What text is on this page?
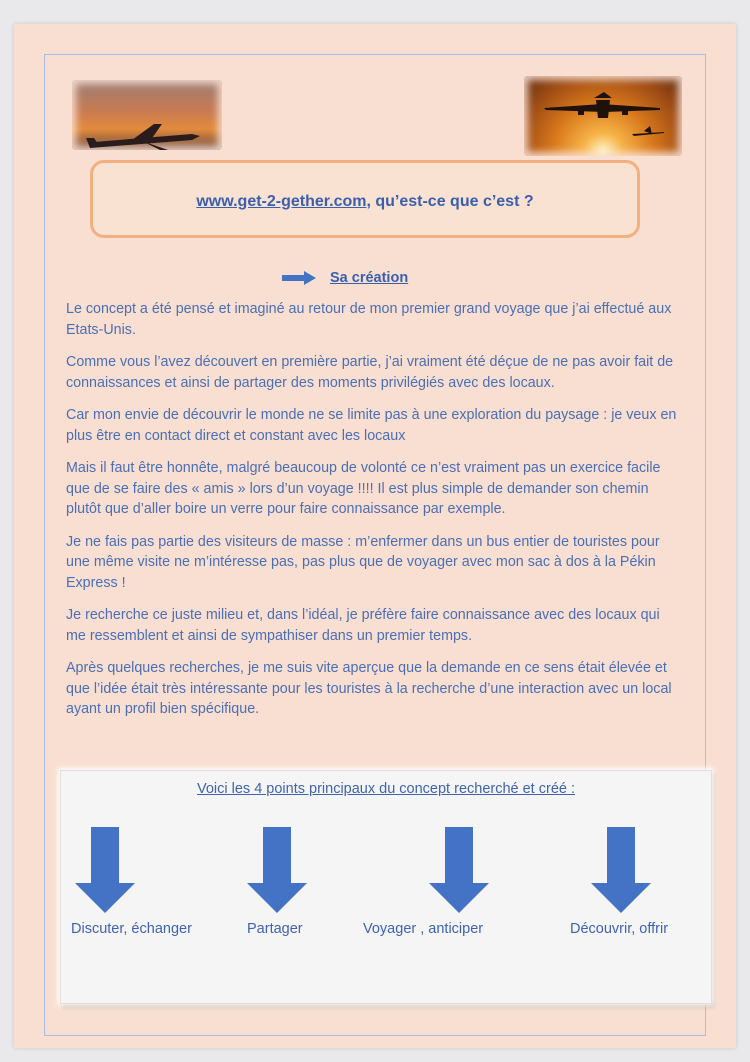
www.get-2-gether.com, qu’est-ce que c’est ?
Sa création

Le concept a été pensé et imaginé au retour de mon premier grand voyage que j’ai effectué aux Etats-Unis.

Comme vous l’avez découvert en première partie, j’ai vraiment été déçue de ne pas avoir fait de connaissances et ainsi de partager des moments privilégiés avec des locaux.

Car mon envie de découvrir le monde ne se limite pas à une exploration du paysage : je veux en plus être en contact direct et constant avec les locaux

Mais il faut être honnête, malgré beaucoup de volonté ce n’est vraiment pas un exercice facile que de se faire des « amis » lors d’un voyage !!!! Il est plus simple de demander son chemin plutôt que d’aller boire un verre pour faire connaissance par exemple.

Je ne fais pas partie des visiteurs de masse : m’enfermer dans un bus entier de touristes pour une même visite ne m’intéresse pas, pas plus que de voyager avec mon sac à dos à la Pékin Express !

Je recherche ce juste milieu et, dans l’idéal, je préfère faire connaissance avec des locaux qui me ressemblent et ainsi de sympathiser dans un premier temps.

Après quelques recherches, je me suis vite aperçue que la demande en ce sens était élevée et que l’idée était très intéressante pour les touristes à la recherche d’une interaction avec un local ayant un profil bien spécifique.

Voici les 4 points principaux du concept recherché et créé :
Discuter, échanger	Partager	Voyager , anticiper	Découvrir, offrir
